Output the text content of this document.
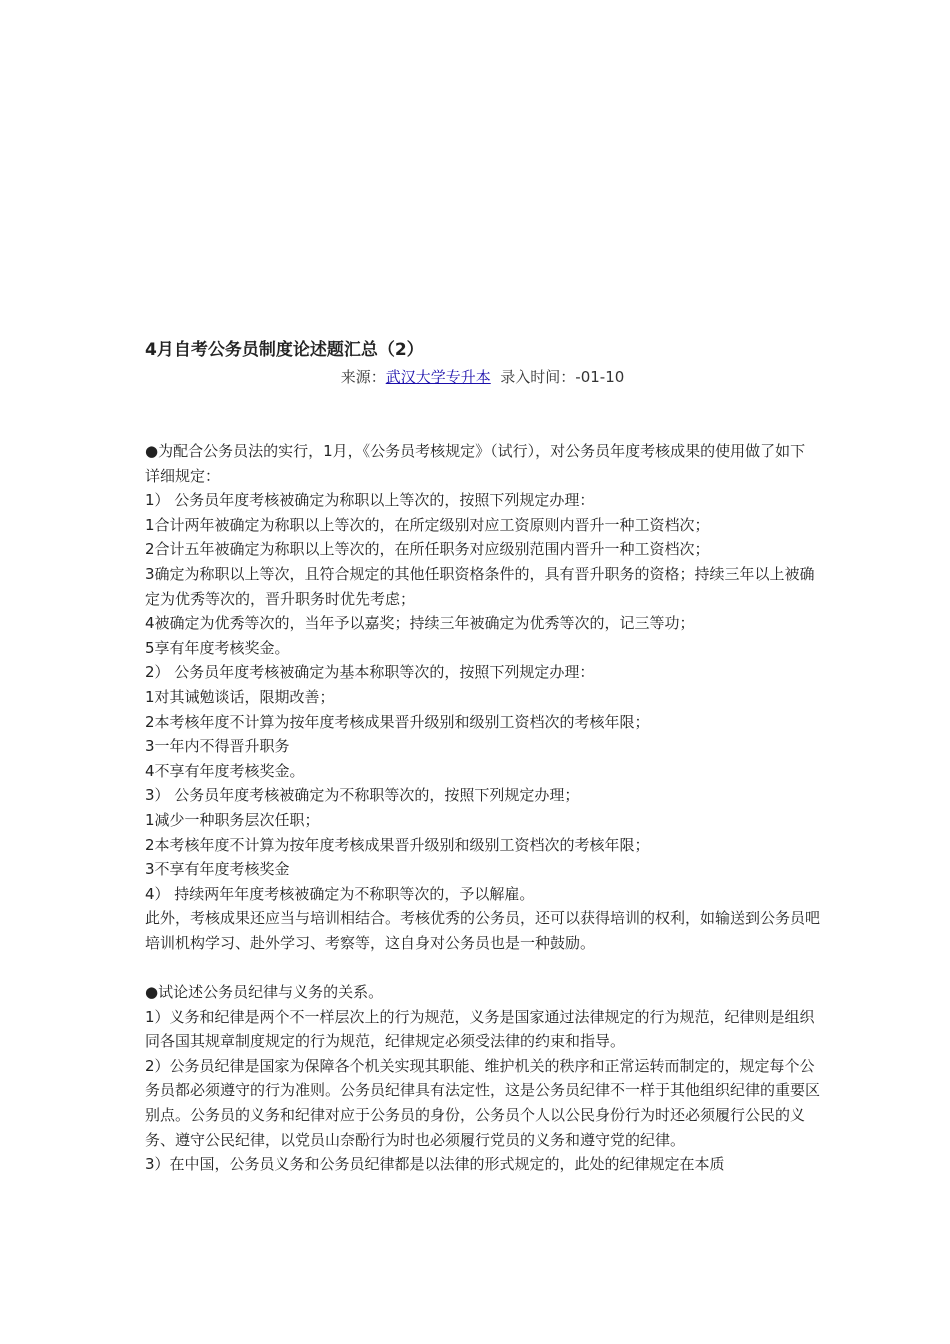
4月自考公务员制度论述题汇总（2）
来源：武汉大学专升本 录入时间：-01-10

●为配合公务员法的实行，1月，《公务员考核规定》（试行），对公务员年度考核成果的使用做了如下详细规定：

1） 公务员年度考核被确定为称职以上等次的，按照下列规定办理：

1合计两年被确定为称职以上等次的，在所定级别对应工资原则内晋升一种工资档次；

2合计五年被确定为称职以上等次的，在所任职务对应级别范围内晋升一种工资档次；

3确定为称职以上等次，且符合规定的其他任职资格条件的，具有晋升职务的资格；持续三年以上被确定为优秀等次的，晋升职务时优先考虑；

4被确定为优秀等次的，当年予以嘉奖；持续三年被确定为优秀等次的，记三等功；

5享有年度考核奖金。

2） 公务员年度考核被确定为基本称职等次的，按照下列规定办理：

1对其诫勉谈话，限期改善；

2本考核年度不计算为按年度考核成果晋升级别和级别工资档次的考核年限；

3一年内不得晋升职务

4不享有年度考核奖金。

3） 公务员年度考核被确定为不称职等次的，按照下列规定办理；

1减少一种职务层次任职；

2本考核年度不计算为按年度考核成果晋升级别和级别工资档次的考核年限；

3不享有年度考核奖金

4） 持续两年年度考核被确定为不称职等次的，予以解雇。

此外，考核成果还应当与培训相结合。考核优秀的公务员，还可以获得培训的权利，如输送到公务员吧培训机构学习、赴外学习、考察等，这自身对公务员也是一种鼓励。

●试论述公务员纪律与义务的关系。

1）义务和纪律是两个不一样层次上的行为规范，义务是国家通过法律规定的行为规范，纪律则是组织同各国其规章制度规定的行为规范，纪律规定必须受法律的约束和指导。

2）公务员纪律是国家为保障各个机关实现其职能、维护机关的秩序和正常运转而制定的，规定每个公务员都必须遵守的行为准则。公务员纪律具有法定性，这是公务员纪律不一样于其他组织纪律的重要区别点。公务员的义务和纪律对应于公务员的身份，公务员个人以公民身份行为时还必须履行公民的义务、遵守公民纪律，以党员山奈酚行为时也必须履行党员的义务和遵守党的纪律。

3）在中国，公务员义务和公务员纪律都是以法律的形式规定的，此处的纪律规定在本质
